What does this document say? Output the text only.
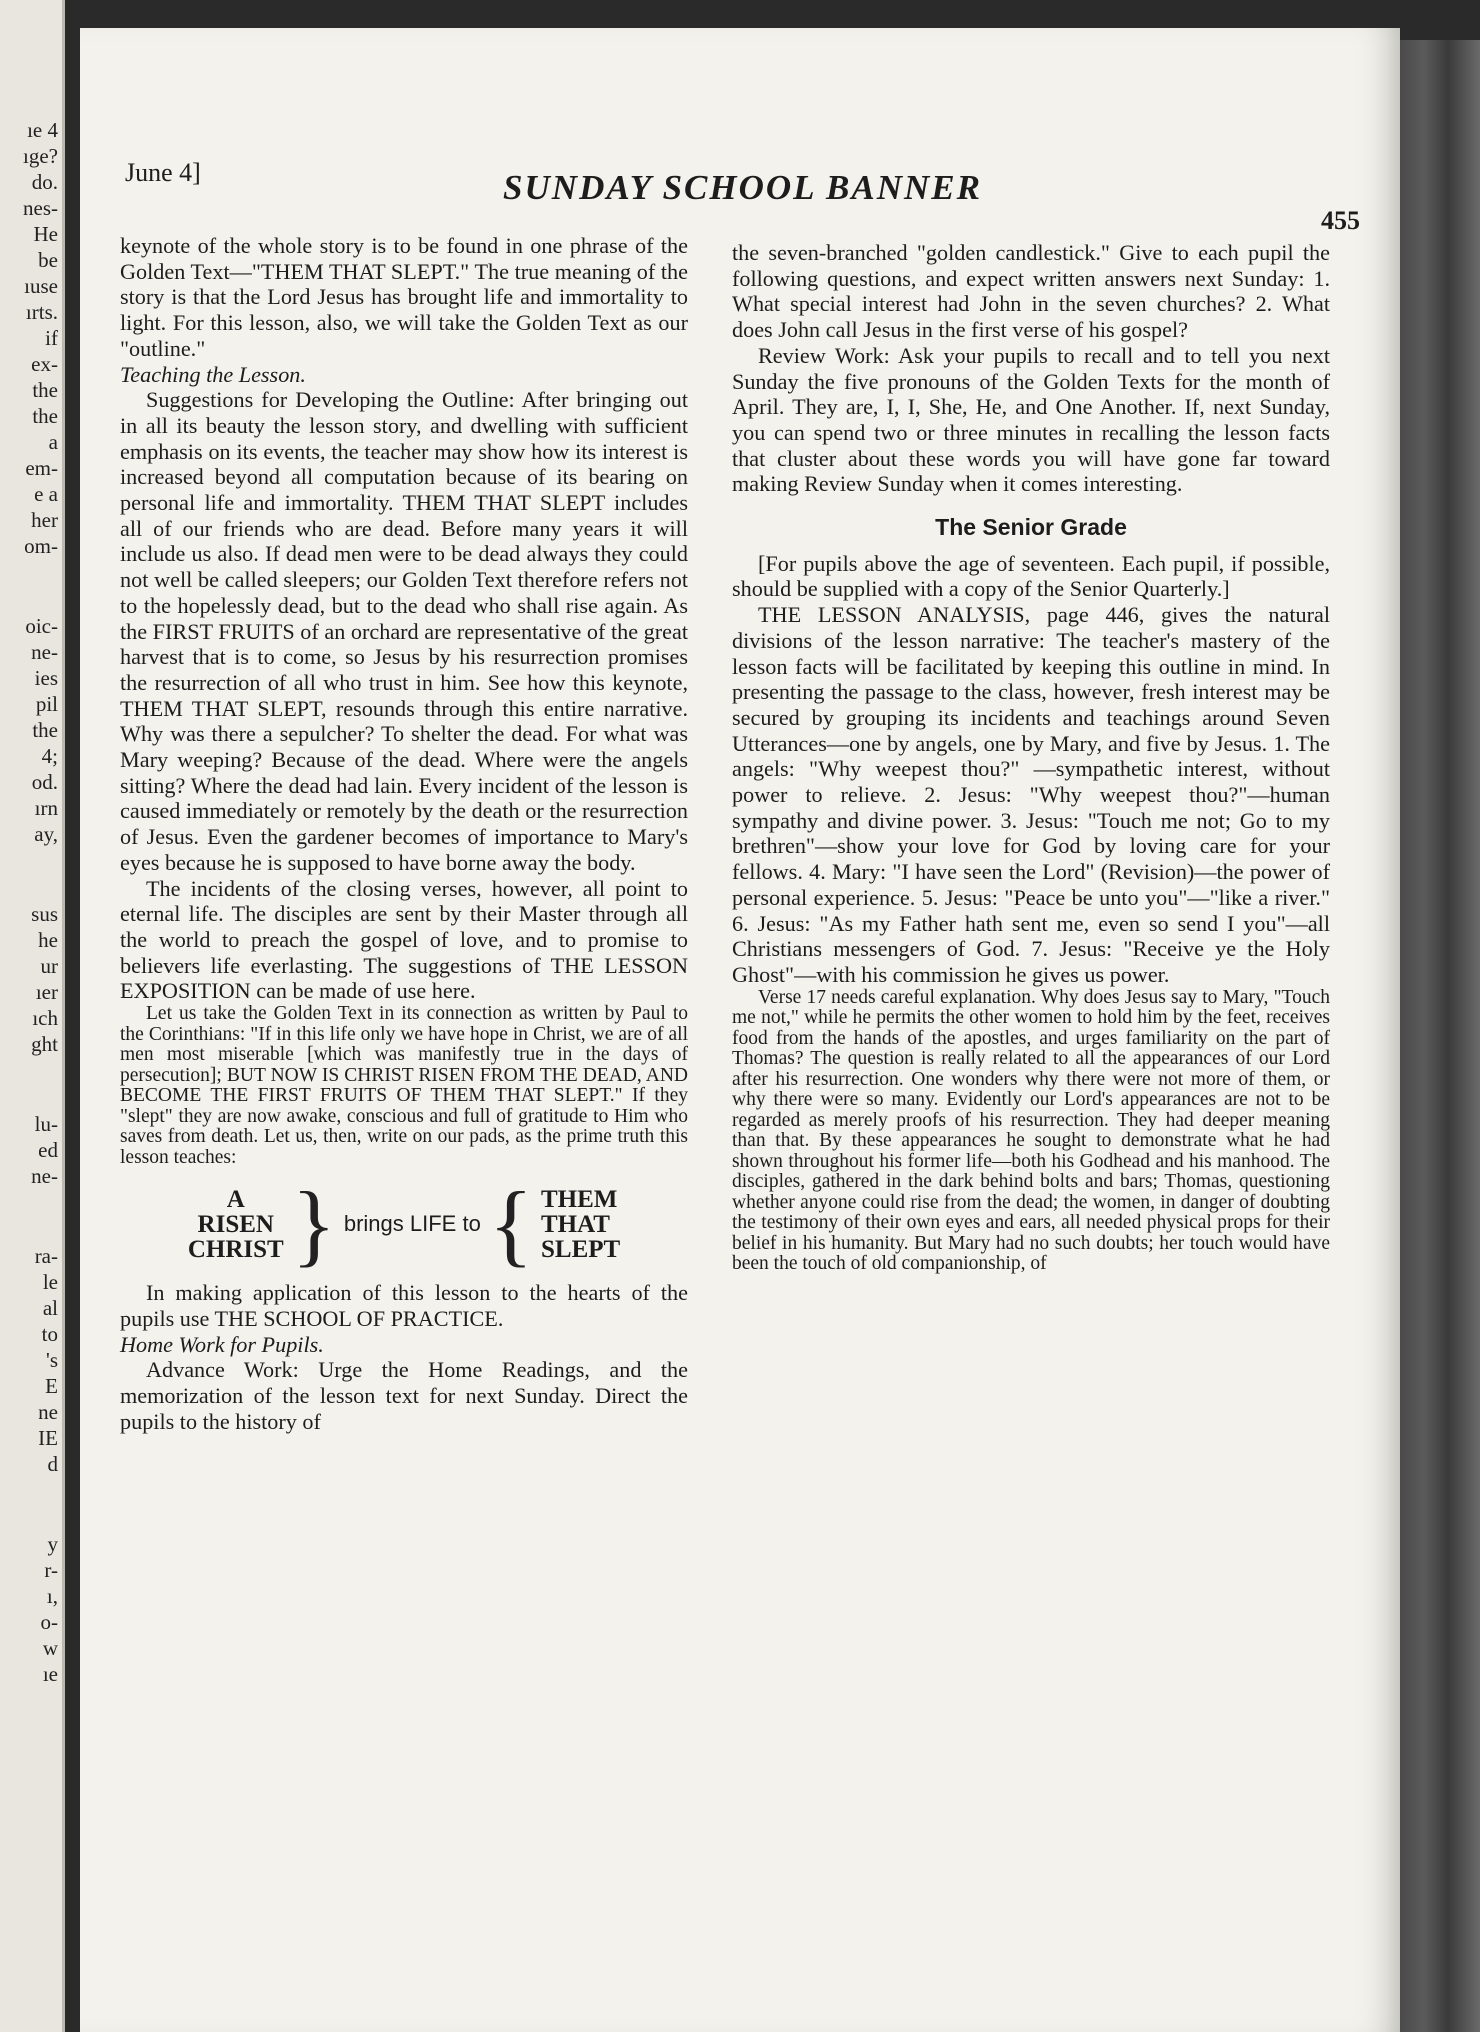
ıe 4
ıge?
do.
nes-
He
be
ıuse
ırts.
if
ex-
the
the
a
em-
e a
her
om-
oic-
ne-
ies
pil
the
4;
od.
ırn
ay,
sus
he
ur
ıer
ıch
ght
lu-
ed
ne-
ra-
le
al
to
's
E
ne
IE
d
y
r-
ı,
o-
w
ıe
June 4]	SUNDAY SCHOOL BANNER
455

keynote of the whole story is to be found in one phrase of the Golden Text—"THEM THAT SLEPT." The true meaning of the story is that the Lord Jesus has brought life and immortality to light. For this lesson, also, we will take the Golden Text as our "outline."

Teaching the Lesson.

Suggestions for Developing the Outline: After bringing out in all its beauty the lesson story, and dwelling with sufficient emphasis on its events, the teacher may show how its interest is increased beyond all computation because of its bearing on personal life and immortality. THEM THAT SLEPT includes all of our friends who are dead. Before many years it will include us also. If dead men were to be dead always they could not well be called sleepers; our Golden Text therefore refers not to the hopelessly dead, but to the dead who shall rise again. As the FIRST FRUITS of an orchard are representative of the great harvest that is to come, so Jesus by his resurrection promises the resurrection of all who trust in him. See how this keynote, THEM THAT SLEPT, resounds through this entire narrative. Why was there a sepulcher? To shelter the dead. For what was Mary weeping? Because of the dead. Where were the angels sitting? Where the dead had lain. Every incident of the lesson is caused immediately or remotely by the death or the resurrection of Jesus. Even the gardener becomes of importance to Mary's eyes because he is supposed to have borne away the body.

The incidents of the closing verses, however, all point to eternal life. The disciples are sent by their Master through all the world to preach the gospel of love, and to promise to believers life everlasting. The suggestions of THE LESSON EXPOSITION can be made of use here.

Let us take the Golden Text in its connection as written by Paul to the Corinthians: "If in this life only we have hope in Christ, we are of all men most miserable [which was manifestly true in the days of persecution]; BUT NOW IS CHRIST RISEN FROM THE DEAD, AND BECOME THE FIRST FRUITS OF THEM THAT SLEPT." If they "slept" they are now awake, conscious and full of gratitude to Him who saves from death. Let us, then, write on our pads, as the prime truth this lesson teaches:

A
RISEN
CHRIST } brings LIFE to { THEM
THAT
SLEPT

In making application of this lesson to the hearts of the pupils use THE SCHOOL OF PRACTICE.

Home Work for Pupils.

Advance Work: Urge the Home Readings, and the memorization of the lesson text for next Sunday. Direct the pupils to the history of

the seven-branched "golden candlestick." Give to each pupil the following questions, and expect written answers next Sunday: 1. What special interest had John in the seven churches? 2. What does John call Jesus in the first verse of his gospel?

Review Work: Ask your pupils to recall and to tell you next Sunday the five pronouns of the Golden Texts for the month of April. They are, I, I, She, He, and One Another. If, next Sunday, you can spend two or three minutes in recalling the lesson facts that cluster about these words you will have gone far toward making Review Sunday when it comes interesting.

The Senior Grade

[For pupils above the age of seventeen. Each pupil, if possible, should be supplied with a copy of the Senior Quarterly.]

THE LESSON ANALYSIS, page 446, gives the natural divisions of the lesson narrative: The teacher's mastery of the lesson facts will be facilitated by keeping this outline in mind. In presenting the passage to the class, however, fresh interest may be secured by grouping its incidents and teachings around Seven Utterances—one by angels, one by Mary, and five by Jesus. 1. The angels: "Why weepest thou?" —sympathetic interest, without power to relieve. 2. Jesus: "Why weepest thou?"—human sympathy and divine power. 3. Jesus: "Touch me not; Go to my brethren"—show your love for God by loving care for your fellows. 4. Mary: "I have seen the Lord" (Revision)—the power of personal experience. 5. Jesus: "Peace be unto you"—"like a river." 6. Jesus: "As my Father hath sent me, even so send I you"—all Christians messengers of God. 7. Jesus: "Receive ye the Holy Ghost"—with his commission he gives us power.

Verse 17 needs careful explanation. Why does Jesus say to Mary, "Touch me not," while he permits the other women to hold him by the feet, receives food from the hands of the apostles, and urges familiarity on the part of Thomas? The question is really related to all the appearances of our Lord after his resurrection. One wonders why there were not more of them, or why there were so many. Evidently our Lord's appearances are not to be regarded as merely proofs of his resurrection. They had deeper meaning than that. By these appearances he sought to demonstrate what he had shown throughout his former life—both his Godhead and his manhood. The disciples, gathered in the dark behind bolts and bars; Thomas, questioning whether anyone could rise from the dead; the women, in danger of doubting the testimony of their own eyes and ears, all needed physical props for their belief in his humanity. But Mary had no such doubts; her touch would have been the touch of old companionship, of
